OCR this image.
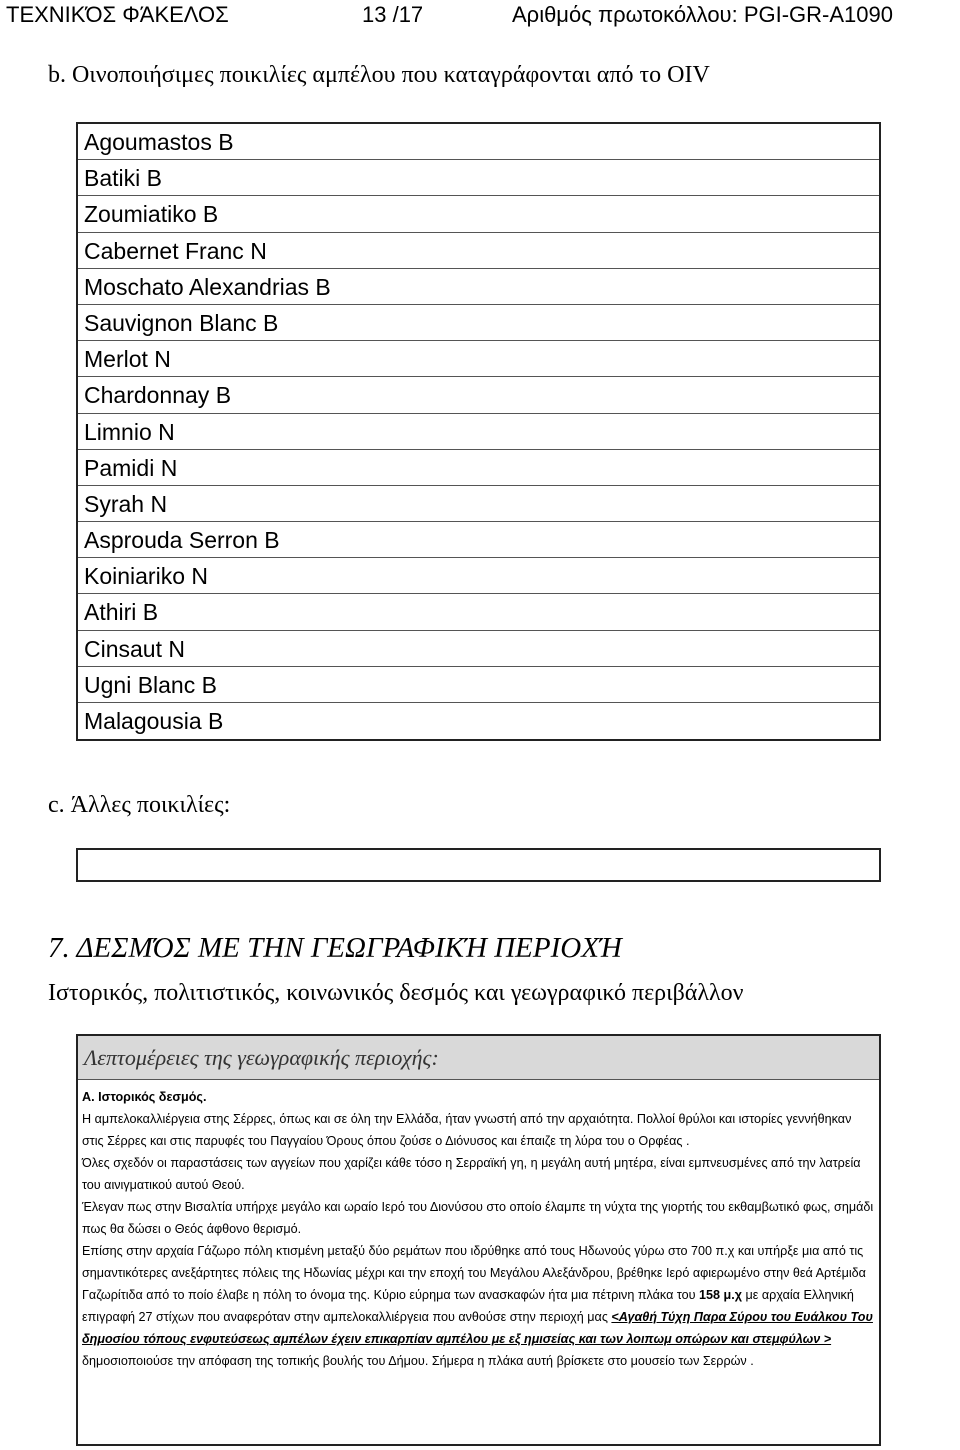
ΤΕΧΝΙΚΌΣ ΦΆΚΕΛΟΣ	13 /17	Αριθμός πρωτοκόλλου: PGI-GR-A1090
b. Οινοποιήσιμες ποικιλίες αμπέλου που καταγράφονται από το OIV
Agoumastos B
Batiki B
Zoumiatiko B
Cabernet Franc N
Moschato Alexandrias B
Sauvignon Blanc B
Merlot N
Chardonnay B
Limnio N
Pamidi N
Syrah N
Asprouda Serron B
Koiniariko N
Athiri B
Cinsaut N
Ugni Blanc B
Malagousia B
c. Άλλες ποικιλίες:
7. ΔΕΣΜΌΣ ΜΕ ΤΗΝ ΓΕΩΓΡΑΦΙΚΉ ΠΕΡΙΟΧΉ
Ιστορικός, πολιτιστικός, κοινωνικός δεσμός και γεωγραφικό περιβάλλον
Λεπτομέρειες της γεωγραφικής περιοχής:

A. Ιστορικός δεσμός.

Η αμπελοκαλλιέργεια στης Σέρρες, όπως και σε όλη την Ελλάδα, ήταν γνωστή από την αρχαιότητα. Πολλοί θρύλοι και ιστορίες γεννήθηκαν στις Σέρρες και στις παρυφές του Παγγαίου Όρους όπου ζούσε ο Διόνυσος και έπαιζε τη λύρα του ο Ορφέας .

Όλες σχεδόν οι παραστάσεις των αγγείων που χαρίζει κάθε τόσο η Σερραϊκή γη, η μεγάλη αυτή μητέρα, είναι εμπνευσμένες από την λατρεία του αινιγματικού αυτού Θεού.

Έλεγαν πως στην Βισαλτία υπήρχε μεγάλο και ωραίο Ιερό του Διονύσου στο οποίο έλαμπε τη νύχτα της γιορτής του εκθαμβωτικό φως, σημάδι πως θα δώσει ο Θεός άφθονο θερισμό.

Επίσης στην αρχαία Γάζωρο πόλη κτισμένη μεταξύ δύο ρεμάτων που ιδρύθηκε από τους Ηδωνούς γύρω στο 700 π.χ και υπήρξε μια από τις σημαντικότερες ανεξάρτητες πόλεις της Ηδωνίας μέχρι και την εποχή του Μεγάλου Αλεξάνδρου, βρέθηκε Ιερό αφιερωμένο στην θεά Αρτέμιδα Γαζωρίτιδα από το ποίο έλαβε η πόλη το όνομα της. Κύριο εύρημα των ανασκαφών ήτα μια πέτρινη πλάκα του 158 μ.χ με αρχαία Ελληνική επιγραφή 27 στίχων που αναφερόταν στην αμπελοκαλλιέργεια που ανθούσε στην περιοχή μας <Αγαθή Τύχη Παρα Σύρου του Ευάλκου Του δημοσίου τόπους ενφυτεύσεως αμπέλων έχειν επικαρπίαν αμπέλου με εξ ημισείας και των λοιπωμ οπώρων και στεμφύλων > δημοσιοποιούσε την απόφαση της τοπικής βουλής του Δήμου. Σήμερα η πλάκα αυτή βρίσκετε στο μουσείο των Σερρών .
